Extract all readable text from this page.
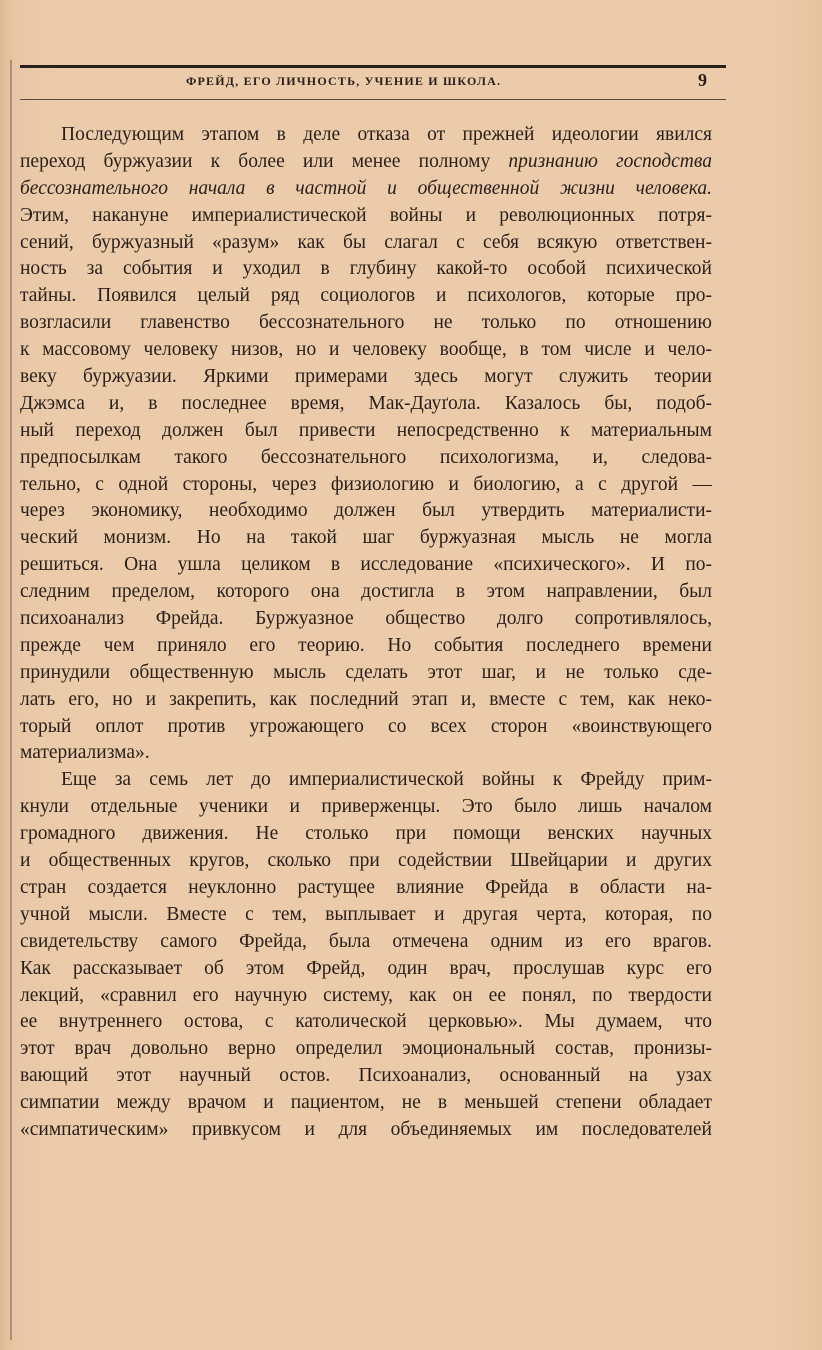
ФРЕЙД, ЕГО ЛИЧНОСТЬ, УЧЕНИЕ И ШКОЛА.	9
Последующим этапом в деле отказа от прежней идеологии явился
переход буржуазии к более или менее полному признанию господства
бессознательного начала в частной и общественной жизни человека.
Этим, накануне империалистической войны и революционных потря-
сений, буржуазный «разум» как бы слагал с себя всякую ответствен-
ность за события и уходил в глубину какой-то особой психической
тайны. Появился целый ряд социологов и психологов, которые про-
возгласили главенство бессознательного не только по отношению
к массовому человеку низов, но и человеку вообще, в том числе и чело-
веку буржуазии. Яркими примерами здесь могут служить теории
Джэмса и, в последнее время, Мак-Дауґола. Казалось бы, подоб-
ный переход должен был привести непосредственно к материальным
предпосылкам такого бессознательного психологизма, и, следова-
тельно, с одной стороны, через физиологию и биологию, а с другой —
через экономику, необходимо должен был утвердить материалисти-
ческий монизм. Но на такой шаг буржуазная мысль не могла
решиться. Она ушла целиком в исследование «психического». И по-
следним пределом, которого она достигла в этом направлении, был
психоанализ Фрейда. Буржуазное общество долго сопротивлялось,
прежде чем приняло его теорию. Но события последнего времени
принудили общественную мысль сделать этот шаг, и не только сде-
лать его, но и закрепить, как последний этап и, вместе с тем, как неко-
торый оплот против угрожающего со всех сторон «воинствующего
материализма».
Еще за семь лет до империалистической войны к Фрейду прим-
кнули отдельные ученики и приверженцы. Это было лишь началом
громадного движения. Не столько при помощи венских научных
и общественных кругов, сколько при содействии Швейцарии и других
стран создается неуклонно растущее влияние Фрейда в области на-
учной мысли. Вместе с тем, выплывает и другая черта, которая, по
свидетельству самого Фрейда, была отмечена одним из его врагов.
Как рассказывает об этом Фрейд, один врач, прослушав курс его
лекций, «сравнил его научную систему, как он ее понял, по твердости
ее внутреннего остова, с католической церковью». Мы думаем, что
этот врач довольно верно определил эмоциональный состав, пронизы-
вающий этот научный остов. Психоанализ, основанный на узах
симпатии между врачом и пациентом, не в меньшей степени обладает
«симпатическим» привкусом и для объединяемых им последователей
